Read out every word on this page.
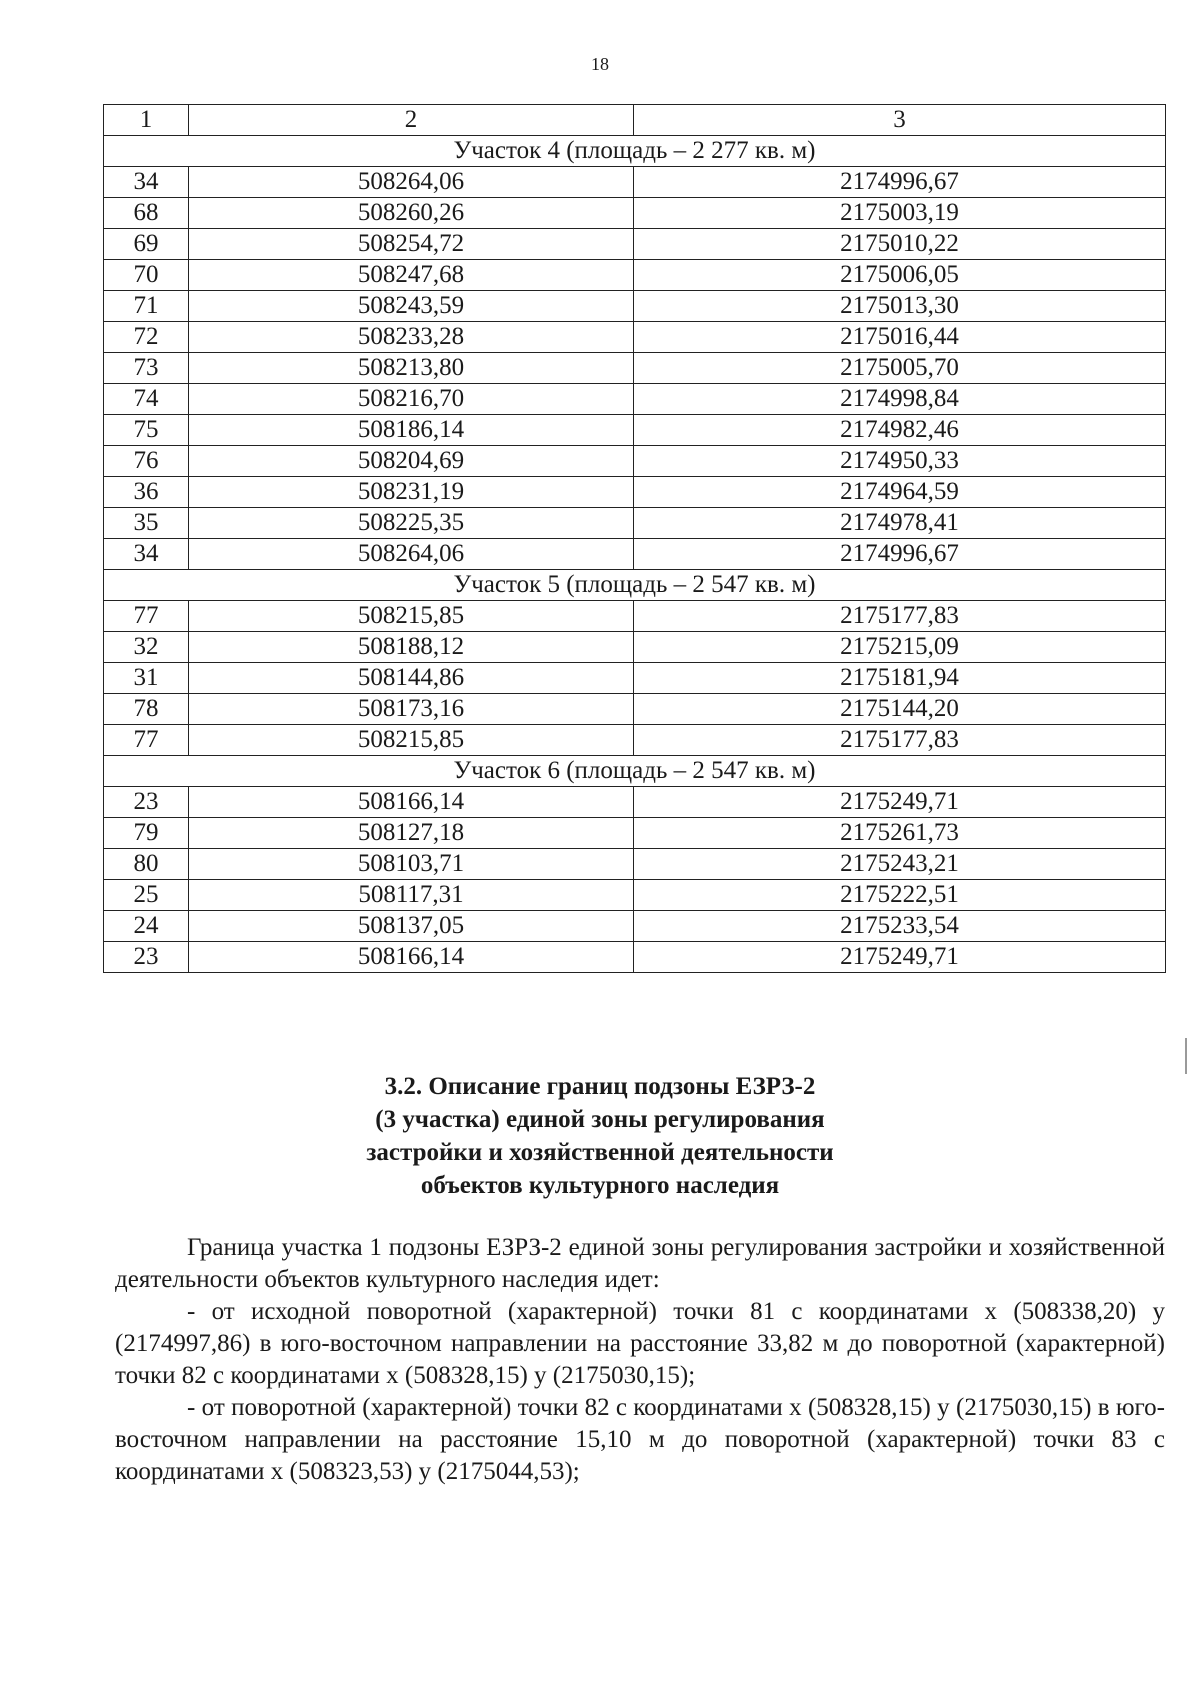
18
1	2	3
Участок 4 (площадь – 2 277 кв. м)		
34	508264,06	2174996,67
68	508260,26	2175003,19
69	508254,72	2175010,22
70	508247,68	2175006,05
71	508243,59	2175013,30
72	508233,28	2175016,44
73	508213,80	2175005,70
74	508216,70	2174998,84
75	508186,14	2174982,46
76	508204,69	2174950,33
36	508231,19	2174964,59
35	508225,35	2174978,41
34	508264,06	2174996,67
Участок 5 (площадь – 2 547 кв. м)		
77	508215,85	2175177,83
32	508188,12	2175215,09
31	508144,86	2175181,94
78	508173,16	2175144,20
77	508215,85	2175177,83
Участок 6 (площадь – 2 547 кв. м)		
23	508166,14	2175249,71
79	508127,18	2175261,73
80	508103,71	2175243,21
25	508117,31	2175222,51
24	508137,05	2175233,54
23	508166,14	2175249,71
3.2. Описание границ подзоны ЕЗРЗ-2
(3 участка) единой зоны регулирования
застройки и хозяйственной деятельности
объектов культурного наследия

Граница участка 1 подзоны ЕЗРЗ-2 единой зоны регулирования застройки и хозяйственной деятельности объектов культурного наследия идет:

- от исходной поворотной (характерной) точки 81 с координатами х (508338,20) у (2174997,86) в юго-восточном направлении на расстояние 33,82 м до поворотной (характерной) точки 82 с координатами х (508328,15) у (2175030,15);

- от поворотной (характерной) точки 82 с координатами х (508328,15) у (2175030,15) в юго-восточном направлении на расстояние 15,10 м до поворотной (характерной) точки 83 с координатами х (508323,53) у (2175044,53);
